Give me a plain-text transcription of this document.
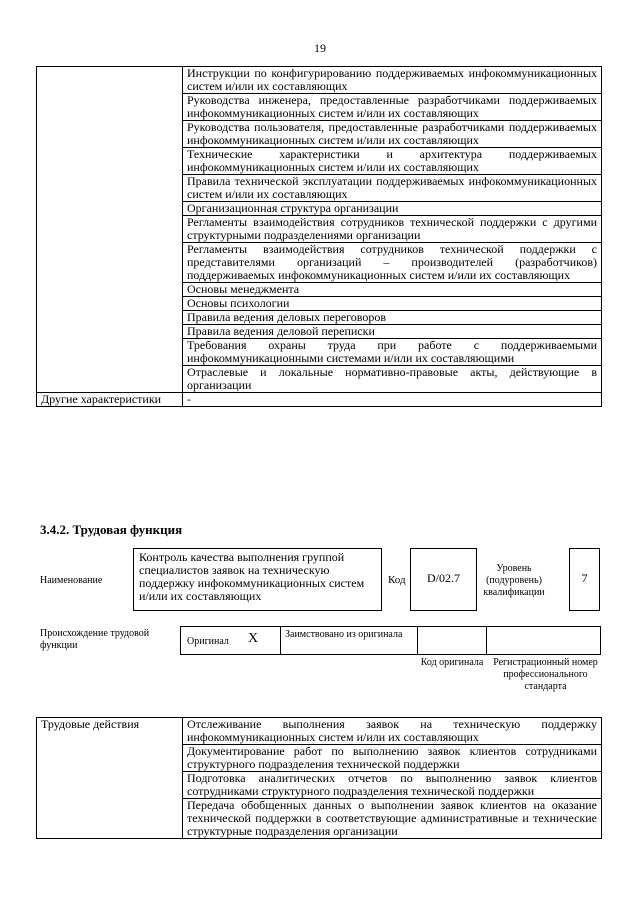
19
	Инструкции по конфигурированию поддерживаемых инфокоммуникационных систем и/или их составляющих
	Руководства инженера, предоставленные разработчиками поддерживаемых инфокоммуникационных систем и/или их составляющих
	Руководства пользователя, предоставленные разработчиками поддерживаемых инфокоммуникационных систем и/или их составляющих
	Технические характеристики и архитектура поддерживаемых инфокоммуникационных систем и/или их составляющих
	Правила технической эксплуатации поддерживаемых инфокоммуникационных систем и/или их составляющих
	Организационная структура организации
	Регламенты взаимодействия сотрудников технической поддержки с другими структурными подразделениями организации
	Регламенты взаимодействия сотрудников технической поддержки с представителями организаций – производителей (разработчиков) поддерживаемых инфокоммуникационных систем и/или их составляющих
	Основы менеджмента
	Основы психологии
	Правила ведения деловых переговоров
	Правила ведения деловой переписки
	Требования охраны труда при работе с поддерживаемыми инфокоммуникационными системами и/или их составляющими
	Отраслевые и локальные нормативно-правовые акты, действующие в организации
Другие характеристики	-
3.4.2. Трудовая функция
Наименование
Контроль качества выполнения группой специалистов заявок на техническую поддержку инфокоммуникационных систем и/или их составляющих
Код	D/02.7
Уровень (подуровень) квалификации
7
Происхождение трудовой функции	Оригинал X	Заимствовано из оригинала
Код оригинала Регистрационный номер профессионального стандарта
Трудовые действия	Отслеживание выполнения заявок на техническую поддержку инфокоммуникационных систем и/или их составляющих
Документирование работ по выполнению заявок клиентов сотрудниками структурного подразделения технической поддержки
Подготовка аналитических отчетов по выполнению заявок клиентов сотрудниками структурного подразделения технической поддержки
Передача обобщенных данных о выполнении заявок клиентов на оказание технической поддержки в соответствующие административные и технические структурные подразделения организации
